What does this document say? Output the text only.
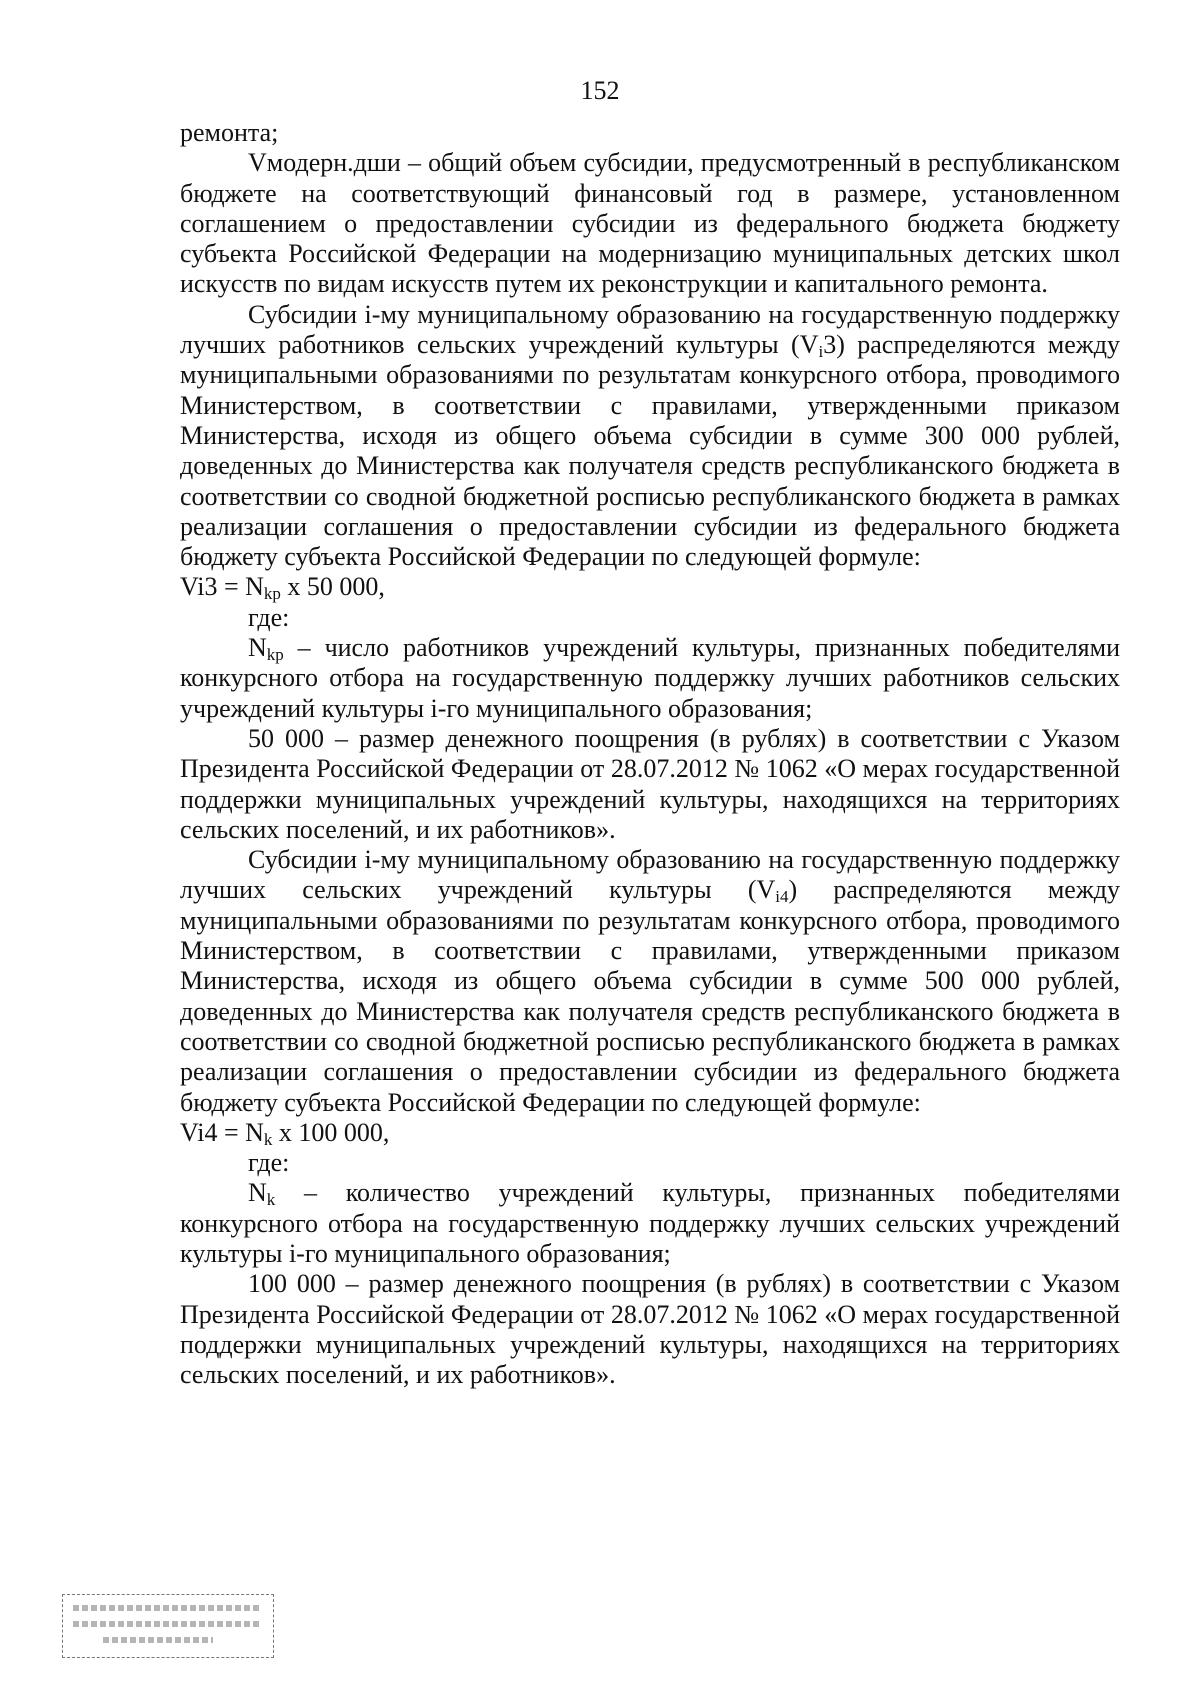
152

ремонта;

Vмодерн.дши – общий объем субсидии, предусмотренный в республиканском бюджете на соответствующий финансовый год в размере, установленном соглашением о предоставлении субсидии из федерального бюджета бюджету субъекта Российской Федерации на модернизацию муниципальных детских школ искусств по видам искусств путем их реконструкции и капитального ремонта.

Субсидии i-му муниципальному образованию на государственную поддержку лучших работников сельских учреждений культуры $(V_i3)$ распределяются между муниципальными образованиями по результатам конкурсного отбора, проводимого Министерством, в соответствии с правилами, утвержденными приказом Министерства, исходя из общего объема субсидии в сумме 300 000 рублей, доведенных до Министерства как получателя средств республиканского бюджета в соответствии со сводной бюджетной росписью республиканского бюджета в рамках реализации соглашения о предоставлении субсидии из федерального бюджета бюджету субъекта Российской Федерации по следующей формуле:

$Vi3 = N_{kp}$ x 50 000,

где:

$N_{kp}$ – число работников учреждений культуры, признанных победителями конкурсного отбора на государственную поддержку лучших работников сельских учреждений культуры i-го муниципального образования;

50 000 – размер денежного поощрения (в рублях) в соответствии с Указом Президента Российской Федерации от 28.07.2012 № 1062 «О мерах государственной поддержки муниципальных учреждений культуры, находящихся на территориях сельских поселений, и их работников».

Субсидии i-му муниципальному образованию на государственную поддержку лучших сельских учреждений культуры $(V_{i4})$ распределяются между муниципальными образованиями по результатам конкурсного отбора, проводимого Министерством, в соответствии с правилами, утвержденными приказом Министерства, исходя из общего объема субсидии в сумме 500 000 рублей, доведенных до Министерства как получателя средств республиканского бюджета в соответствии со сводной бюджетной росписью республиканского бюджета в рамках реализации соглашения о предоставлении субсидии из федерального бюджета бюджету субъекта Российской Федерации по следующей формуле:

$Vi4 = N_k$ x 100 000,

где:

$N_k$ – количество учреждений культуры, признанных победителями конкурсного отбора на государственную поддержку лучших сельских учреждений культуры i-го муниципального образования;

100 000 – размер денежного поощрения (в рублях) в соответствии с Указом Президента Российской Федерации от 28.07.2012 № 1062 «О мерах государственной поддержки муниципальных учреждений культуры, находящихся на территориях сельских поселений, и их работников».
